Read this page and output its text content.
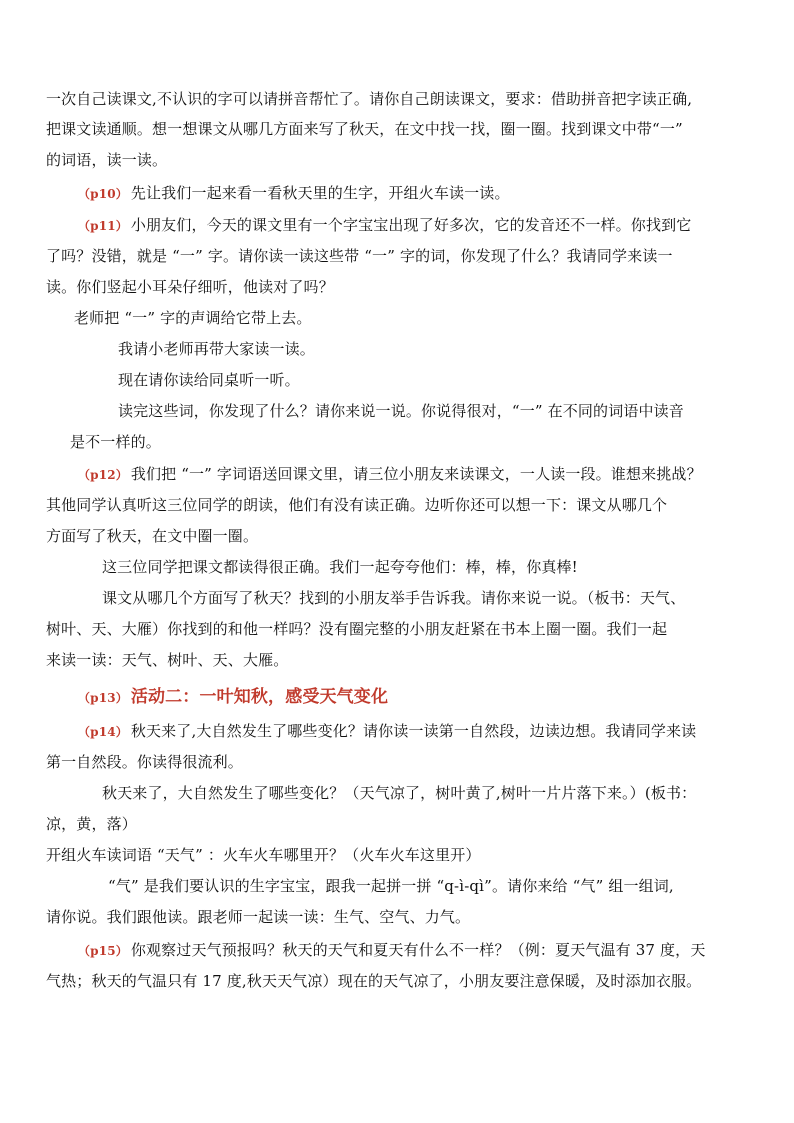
一次自己读课文,不认识的字可以请拼音帮忙了。请你自己朗读课文，要求：借助拼音把字读正确,
把课文读通顺。想一想课文从哪几方面来写了秋天，在文中找一找，圈一圈。找到课文中带“一”
的词语，读一读。
（p10） 先让我们一起来看一看秋天里的生字，开组火车读一读。
（p11） 小朋友们，今天的课文里有一个字宝宝出现了好多次，它的发音还不一样。你找到它
了吗？没错，就是 “一” 字。请你读一读这些带 “一” 字的词，你发现了什么？我请同学来读一
读。你们竖起小耳朵仔细听，他读对了吗？
老师把 “一” 字的声调给它带上去。
我请小老师再带大家读一读。
现在请你读给同桌听一听。
读完这些词，你发现了什么？请你来说一说。你说得很对，“一” 在不同的词语中读音
是不一样的。
（p12） 我们把 “一” 字词语送回课文里，请三位小朋友来读课文，一人读一段。谁想来挑战？
其他同学认真听这三位同学的朗读，他们有没有读正确。边听你还可以想一下：课文从哪几个
方面写了秋天，在文中圈一圈。
这三位同学把课文都读得很正确。我们一起夸夸他们：棒，棒，你真棒!
课文从哪几个方面写了秋天？找到的小朋友举手告诉我。请你来说一说。（板书：天气、
树叶、天、大雁）你找到的和他一样吗？没有圈完整的小朋友赶紧在书本上圈一圈。我们一起
来读一读：天气、树叶、天、大雁。
（p13） 活动二：一叶知秋，感受天气变化
（p14） 秋天来了,大自然发生了哪些变化？请你读一读第一自然段，边读边想。我请同学来读
第一自然段。你读得很流利。
秋天来了，大自然发生了哪些变化？（天气凉了，树叶黄了,树叶一片片落下来。）(板书：
凉，黄，落）
开组火车读词语 “天气” ：火车火车哪里开？（火车火车这里开）
“气” 是我们要认识的生字宝宝，跟我一起拼一拼 “q-ì-qì”。请你来给 “气” 组一组词,
请你说。我们跟他读。跟老师一起读一读：生气、空气、力气。
（p15） 你观察过天气预报吗？秋天的天气和夏天有什么不一样？（例：夏天气温有 37 度，天
气热；秋天的气温只有 17 度,秋天天气凉）现在的天气凉了，小朋友要注意保暖，及时添加衣服。
